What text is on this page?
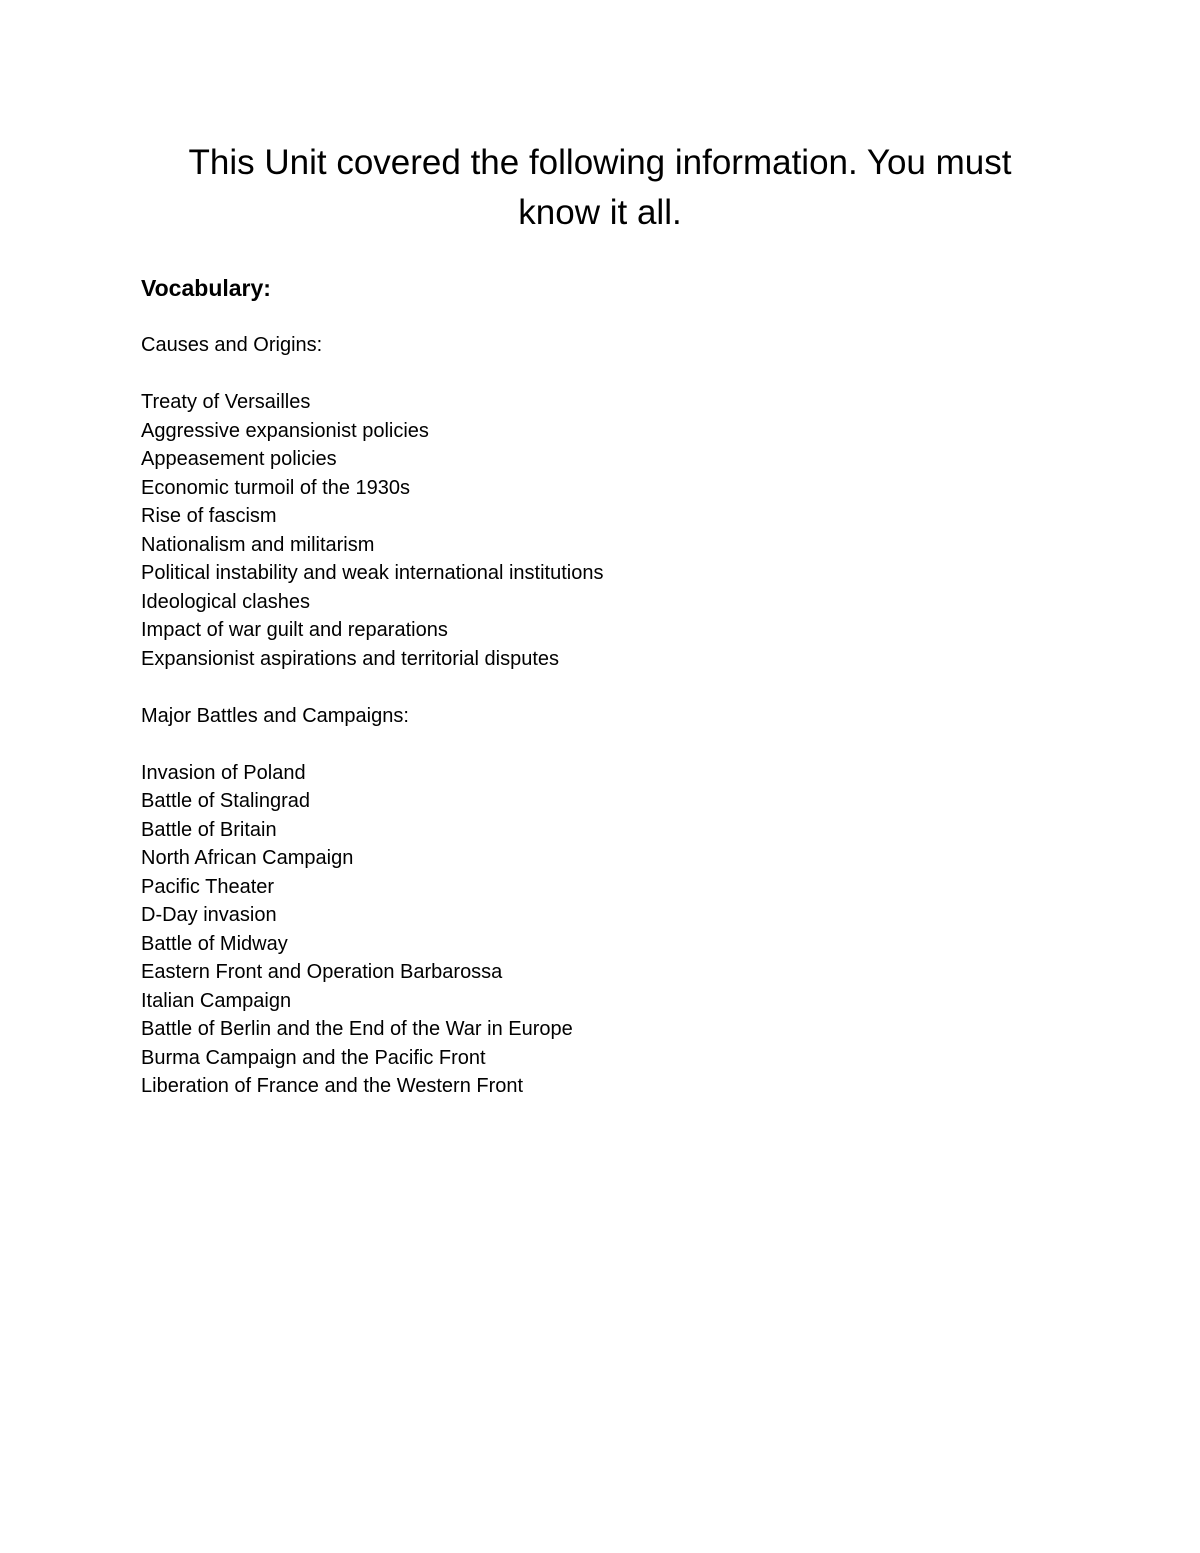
This Unit covered the following information. You must know it all.
Vocabulary:
Causes and Origins:
Treaty of Versailles
Aggressive expansionist policies
Appeasement policies
Economic turmoil of the 1930s
Rise of fascism
Nationalism and militarism
Political instability and weak international institutions
Ideological clashes
Impact of war guilt and reparations
Expansionist aspirations and territorial disputes
Major Battles and Campaigns:
Invasion of Poland
Battle of Stalingrad
Battle of Britain
North African Campaign
Pacific Theater
D-Day invasion
Battle of Midway
Eastern Front and Operation Barbarossa
Italian Campaign
Battle of Berlin and the End of the War in Europe
Burma Campaign and the Pacific Front
Liberation of France and the Western Front
